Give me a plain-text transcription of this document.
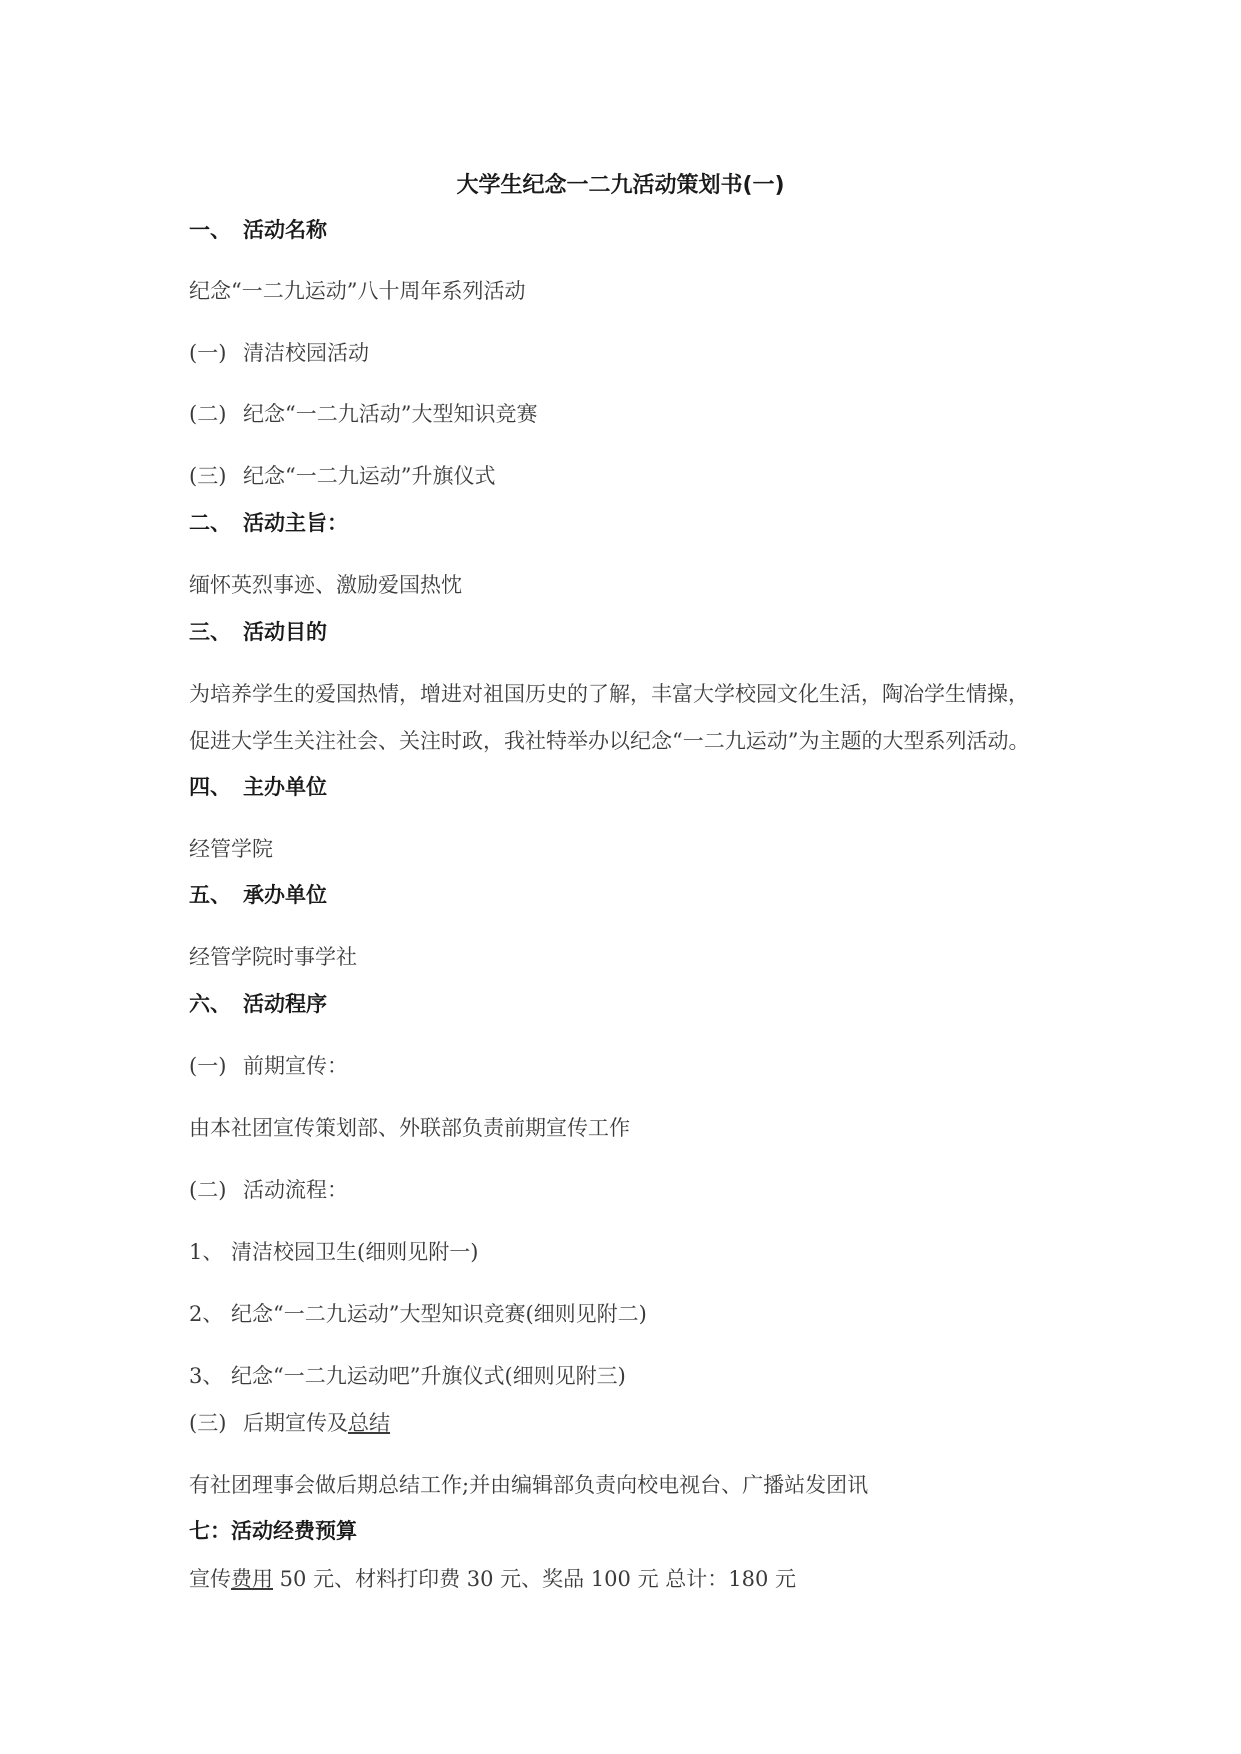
大学生纪念一二九活动策划书(一)
一、 活动名称
纪念“一二九运动”八十周年系列活动
(一) 清洁校园活动
(二) 纪念“一二九活动”大型知识竞赛
(三) 纪念“一二九运动”升旗仪式
二、 活动主旨：
缅怀英烈事迹、激励爱国热忱
三、 活动目的
为培养学生的爱国热情，增进对祖国历史的了解，丰富大学校园文化生活，陶冶学生情操，
促进大学生关注社会、关注时政，我社特举办以纪念“一二九运动”为主题的大型系列活动。
四、 主办单位
经管学院
五、 承办单位
经管学院时事学社
六、 活动程序
(一) 前期宣传：
由本社团宣传策划部、外联部负责前期宣传工作
(二) 活动流程：
1、 清洁校园卫生(细则见附一)
2、 纪念“一二九运动”大型知识竞赛(细则见附二)
3、 纪念“一二九运动吧”升旗仪式(细则见附三)
(三) 后期宣传及总结
有社团理事会做后期总结工作;并由编辑部负责向校电视台、广播站发团讯
七：活动经费预算
宣传费用 50 元、材料打印费 30 元、奖品 100 元 总计：180 元
